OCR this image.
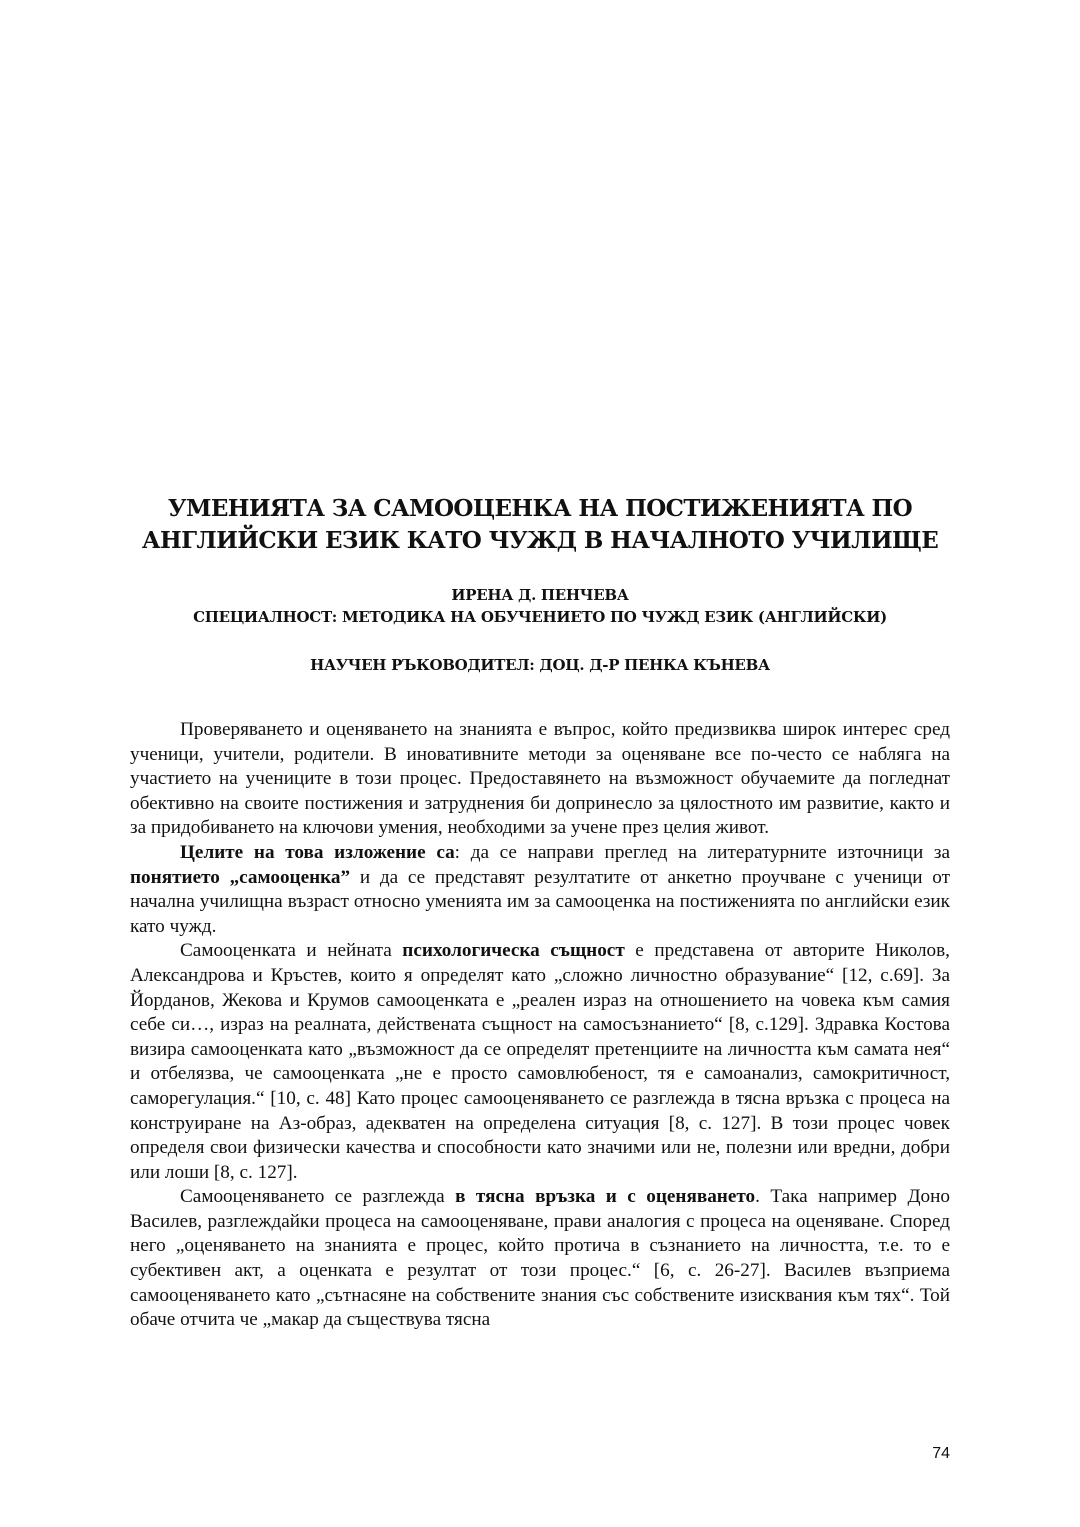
УМЕНИЯТА ЗА САМООЦЕНКА НА ПОСТИЖЕНИЯТА ПО
АНГЛИЙСКИ ЕЗИК КАТО ЧУЖД В НАЧАЛНОТО УЧИЛИЩЕ

ИРЕНА Д. ПЕНЧЕВА

СПЕЦИАЛНОСТ: МЕТОДИКА НА ОБУЧЕНИЕТО ПО ЧУЖД ЕЗИК (АНГЛИЙСКИ)

НАУЧЕН РЪКОВОДИТЕЛ: ДОЦ. Д-Р ПЕНКА КЪНЕВА

Проверяването и оценяването на знанията е въпрос, който предизвиква широк интерес сред ученици, учители, родители. В иновативните методи за оценяване все по-често се набляга на участието на учениците в този процес. Предоставянето на възможност обучаемите да погледнат обективно на своите постижения и затруднения би допринесло за цялостното им развитие, както и за придобиването на ключови умения, необходими за учене през целия живот.

Целите на това изложение са: да се направи преглед на литературните източници за понятието „самооценка” и да се представят резултатите от анкетно проучване с ученици от начална училищна възраст относно уменията им за самооценка на постиженията по английски език като чужд.

Самооценката и нейната психологическа същност е представена от авторите Николов, Александрова и Кръстев, които я определят като „сложно личностно образувание“ [12, с.69]. За Йорданов, Жекова и Крумов самооценката е „реален израз на отношението на човека към самия себе си…, израз на реалната, действената същност на самосъзнанието“ [8, с.129]. Здравка Костова визира самооценката като „възможност да се определят претенциите на личността към самата нея“ и отбелязва, че самооценката „не е просто самовлюбеност, тя е самоанализ, самокритичност, саморегулация.“ [10, с. 48] Като процес самооценяването се разглежда в тясна връзка с процеса на конструиране на Аз-образ, адекватен на определена ситуация [8, с. 127]. В този процес човек определя свои физически качества и способности като значими или не, полезни или вредни, добри или лоши [8, с. 127].

Самооценяването се разглежда в тясна връзка и с оценяването. Така например Доно Василев, разглеждайки процеса на самооценяване, прави аналогия с процеса на оценяване. Според него „оценяването на знанията е процес, който протича в съзнанието на личността, т.е. то е субективен акт, а оценката е резултат от този процес.“ [6, с. 26-27]. Василев възприема самооценяването като „сътнасяне на собствените знания със собствените изисквания към тях“. Той обаче отчита че „макар да съществува тясна

74
